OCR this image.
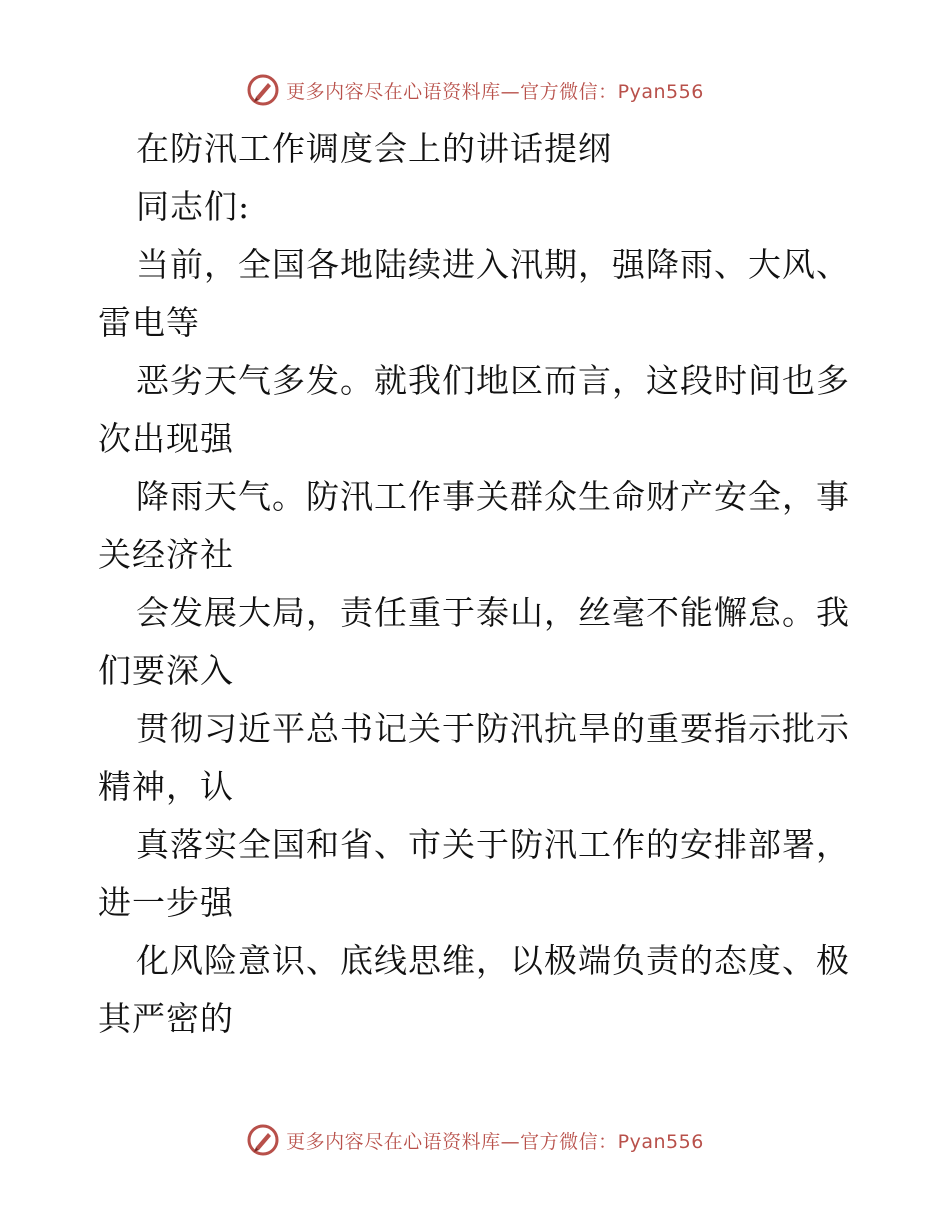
更多内容尽在心语资料库—官方微信：Pyan556
在防汛工作调度会上的讲话提纲
同志们:
当前，全国各地陆续进入汛期，强降雨、大风、
雷电等
恶劣天气多发。就我们地区而言，这段时间也多
次出现强
降雨天气。防汛工作事关群众生命财产安全，事
关经济社
会发展大局，责任重于泰山，丝毫不能懈怠。我
们要深入
贯彻习近平总书记关于防汛抗旱的重要指示批示
精神，认
真落实全国和省、市关于防汛工作的安排部署，
进一步强
化风险意识、底线思维，以极端负责的态度、极
其严密的
更多内容尽在心语资料库—官方微信：Pyan556
